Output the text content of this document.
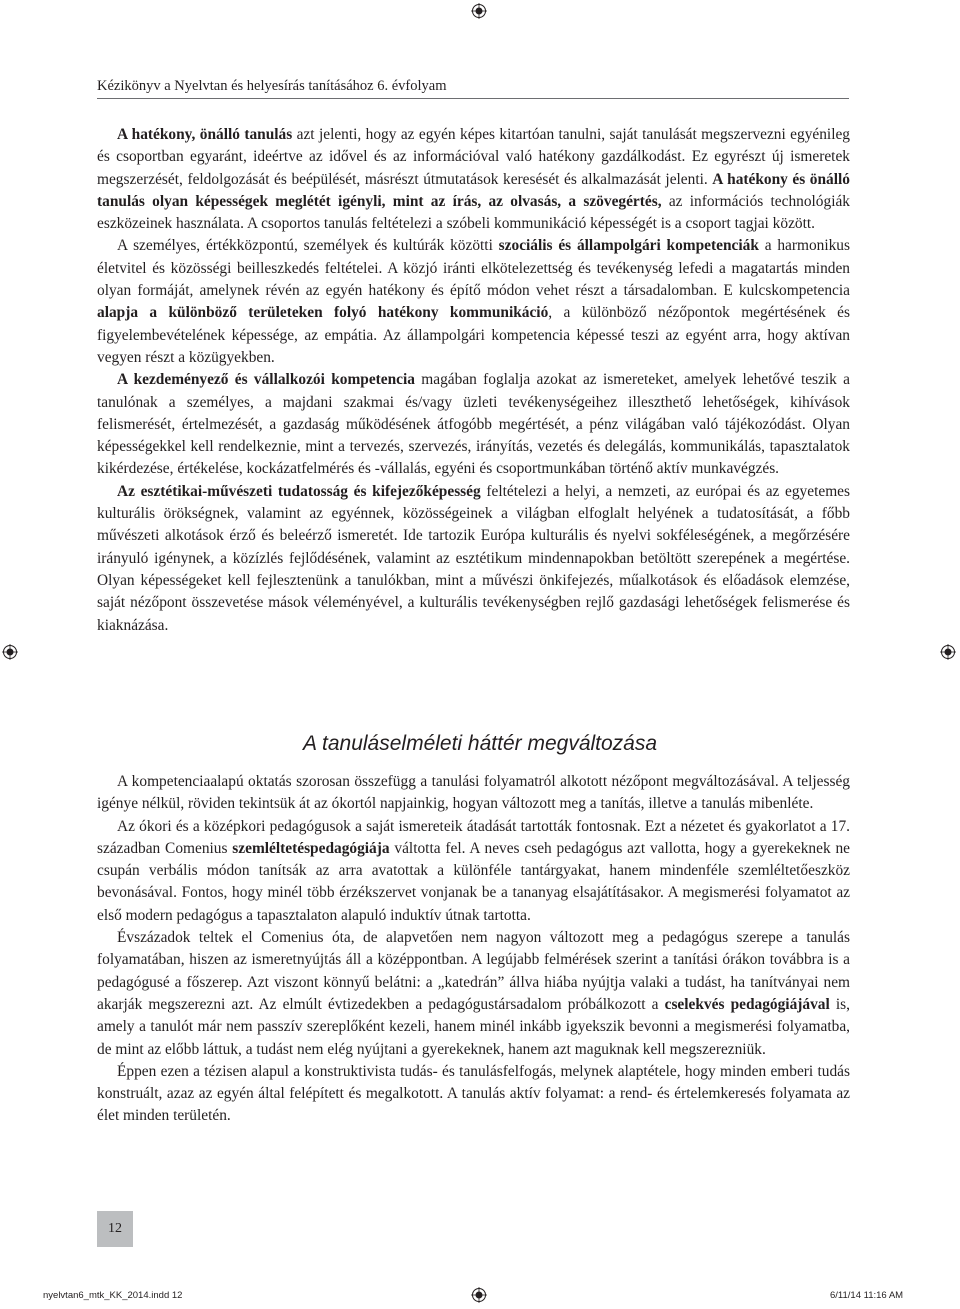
Kézikönyv a Nyelvtan és helyesírás tanításához 6. évfolyam

A hatékony, önálló tanulás azt jelenti, hogy az egyén képes kitartóan tanulni, saját tanulását megszervezni egyénileg és csoportban egyaránt, ideértve az idővel és az információval való hatékony gazdálkodást. Ez egyrészt új ismeretek megszerzését, feldolgozását és beépülését, másrészt útmutatások keresését és alkalmazását jelenti. A hatékony és önálló tanulás olyan képességek meglétét igényli, mint az írás, az olvasás, a szövegértés, az információs technológiák eszközeinek használata. A csoportos tanulás feltételezi a szóbeli kommunikáció képességét is a csoport tagjai között.

A személyes, értékközpontú, személyek és kultúrák közötti szociális és állampolgári kompetenciák a harmonikus életvitel és közösségi beilleszkedés feltételei. A közjó iránti elkötelezettség és tevékenység lefedi a magatartás minden olyan formáját, amelynek révén az egyén hatékony és építő módon vehet részt a társadalomban. E kulcskompetencia alapja a különböző területeken folyó hatékony kommunikáció, a különböző nézőpontok megértésének és figyelembevételének képessége, az empátia. Az állampolgári kompetencia képessé teszi az egyént arra, hogy aktívan vegyen részt a közügyekben.

A kezdeményező és vállalkozói kompetencia magában foglalja azokat az ismereteket, amelyek lehetővé teszik a tanulónak a személyes, a majdani szakmai és/vagy üzleti tevékenységeihez illeszthető lehetőségek, kihívások felismerését, értelmezését, a gazdaság működésének átfogóbb megértését, a pénz világában való tájékozódást. Olyan képességekkel kell rendelkeznie, mint a tervezés, szervezés, irányítás, vezetés és delegálás, kommunikálás, tapasztalatok kikérdezése, értékelése, kockázatfelmérés és -vállalás, egyéni és csoportmunkában történő aktív munkavégzés.

Az esztétikai-művészeti tudatosság és kifejezőképesség feltételezi a helyi, a nemzeti, az európai és az egyetemes kulturális örökségnek, valamint az egyénnek, közösségeinek a világban elfoglalt helyének a tudatosítását, a főbb művészeti alkotások érző és beleérző ismeretét. Ide tartozik Európa kulturális és nyelvi sokféleségének, a megőrzésére irányuló igénynek, a közízlés fejlődésének, valamint az esztétikum mindennapokban betöltött szerepének a megértése. Olyan képességeket kell fejlesztenünk a tanulókban, mint a művészi önkifejezés, műalkotások és előadások elemzése, saját nézőpont összevetése mások véleményével, a kulturális tevékenységben rejlő gazdasági lehetőségek felismerése és kiaknázása.

A tanuláselméleti háttér megváltozása

A kompetenciaalapú oktatás szorosan összefügg a tanulási folyamatról alkotott nézőpont megváltozásával. A teljesség igénye nélkül, röviden tekintsük át az ókortól napjainkig, hogyan változott meg a tanítás, illetve a tanulás mibenléte.

Az ókori és a középkori pedagógusok a saját ismereteik átadását tartották fontosnak. Ezt a nézetet és gyakorlatot a 17. században Comenius szemléltetéspedagógiája váltotta fel. A neves cseh pedagógus azt vallotta, hogy a gyerekeknek ne csupán verbális módon tanítsák az arra avatottak a különféle tantárgyakat, hanem mindenféle szemléltetőeszköz bevonásával. Fontos, hogy minél több érzékszervet vonjanak be a tananyag elsajátításakor. A megismerési folyamatot az első modern pedagógus a tapasztalaton alapuló induktív útnak tartotta.

Évszázadok teltek el Comenius óta, de alapvetően nem nagyon változott meg a pedagógus szerepe a tanulás folyamatában, hiszen az ismeretnyújtás áll a középpontban. A legújabb felmérések szerint a tanítási órákon továbbra is a pedagógusé a főszerep. Azt viszont könnyű belátni: a „katedrán” állva hiába nyújtja valaki a tudást, ha tanítványai nem akarják megszerezni azt. Az elmúlt évtizedekben a pedagógustársadalom próbálkozott a cselekvés pedagógiájával is, amely a tanulót már nem passzív szereplőként kezeli, hanem minél inkább igyekszik bevonni a megismerési folyamatba, de mint az előbb láttuk, a tudást nem elég nyújtani a gyerekeknek, hanem azt maguknak kell megszerezniük.

Éppen ezen a tézisen alapul a konstruktivista tudás- és tanulásfelfogás, melynek alaptétele, hogy minden emberi tudás konstruált, azaz az egyén által felépített és megalkotott. A tanulás aktív folyamat: a rend- és értelemkeresés folyamata az élet minden területén.

12
nyelvtan6_mtk_KK_2014.indd 12	6/11/14 11:16 AM
